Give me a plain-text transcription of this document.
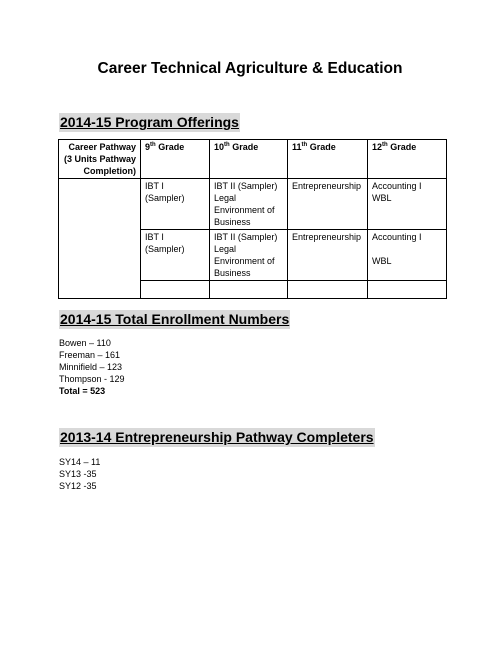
Career Technical Agriculture & Education
2014-15 Program Offerings
Career Pathway
(3 Units Pathway
Completion)	9th Grade	10th Grade	11th Grade	12th Grade
	IBT I (Sampler)	IBT II (Sampler)
Legal
Environment of
Business	Entrepreneurship	Accounting I
WBL
	IBT I (Sampler)	IBT II (Sampler)
Legal
Environment of
Business	Entrepreneurship	Accounting I

WBL

2014-15 Total Enrollment Numbers
Bowen – 110
Freeman – 161
Minnifield – 123
Thompson - 129
Total = 523
2013-14 Entrepreneurship Pathway Completers
SY14 – 11
SY13 -35
SY12 -35
